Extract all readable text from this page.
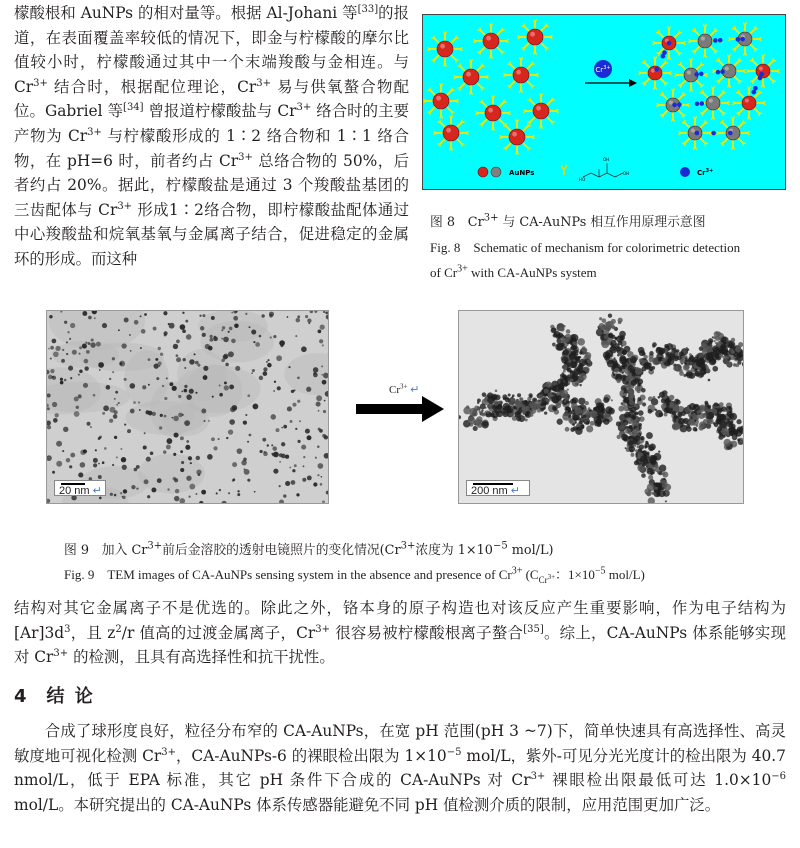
檬酸根和 AuNPs 的相对量等。根据 Al-Johani 等[33]的报道，在表面覆盖率较低的情况下，即金与柠檬酸的摩尔比值较小时，柠檬酸通过其中一个末端羧酸与金相连。与 $Cr^{3+}$ 结合时，根据配位理论，$Cr^{3+}$ 易与供氧螯合物配位。Gabriel 等[34] 曾报道柠檬酸盐与 $Cr^{3+}$ 络合时的主要产物为 $Cr^{3+}$ 与柠檬酸形成的 1∶2 络合物和 1∶1 络合物，在 pH=6 时，前者约占 $Cr^{3+}$ 总络合物的 50%，后者约占 20%。据此，柠檬酸盐是通过 3 个羧酸盐基团的三齿配体与 $Cr^{3+}$ 形成1∶2络合物，即柠檬酸盐配体通过中心羧酸盐和烷氧基氧与金属离子结合，促进稳定的金属环的形成。而这种

$Cr^{3+}$
AuNPs
HO
OH
OH
$Cr^{3+}$

图 8　$Cr^{3+}$ 与 CA-AuNPs 相互作用原理示意图

Fig. 8　Schematic of mechanism for colorimetric detection

of $Cr^{3+}$ with CA-AuNPs system

20 nm ↵
$Cr^{3+}$ ↵
200 nm ↵

图 9　加入 $Cr^{3+}$前后金溶胶的透射电镜照片的变化情况($Cr^{3+}$浓度为 $1\times 10^{-5}$ mol/L)

Fig. 9　TEM images of CA-AuNPs sensing system in the absence and presence of $Cr^{3+}$ ($C_{Cr^{3+}}$：$1\times 10^{-5}$ mol/L)

结构对其它金属离子不是优选的。除此之外，铬本身的原子构造也对该反应产生重要影响，作为电子结构为$[Ar]3d^3$，且 $z^2/r$ 值高的过渡金属离子，$Cr^{3+}$ 很容易被柠檬酸根离子螯合[35]。综上，CA-AuNPs 体系能够实现对 $Cr^{3+}$ 的检测，且具有高选择性和抗干扰性。

4 结 论

合成了球形度良好，粒径分布窄的 CA-AuNPs，在宽 pH 范围(pH 3 ~7)下，简单快速具有高选择性、高灵敏度地可视化检测 $Cr^{3+}$，CA-AuNPs-6 的裸眼检出限为 $1\times 10^{-5}$ mol/L，紫外-可见分光光度计的检出限为 40.7 nmol/L，低于 EPA 标准，其它 pH 条件下合成的 CA-AuNPs 对 $Cr^{3+}$ 裸眼检出限最低可达 $1.0\times 10^{-6}$ mol/L。本研究提出的 CA-AuNPs 体系传感器能避免不同 pH 值检测介质的限制，应用范围更加广泛。
